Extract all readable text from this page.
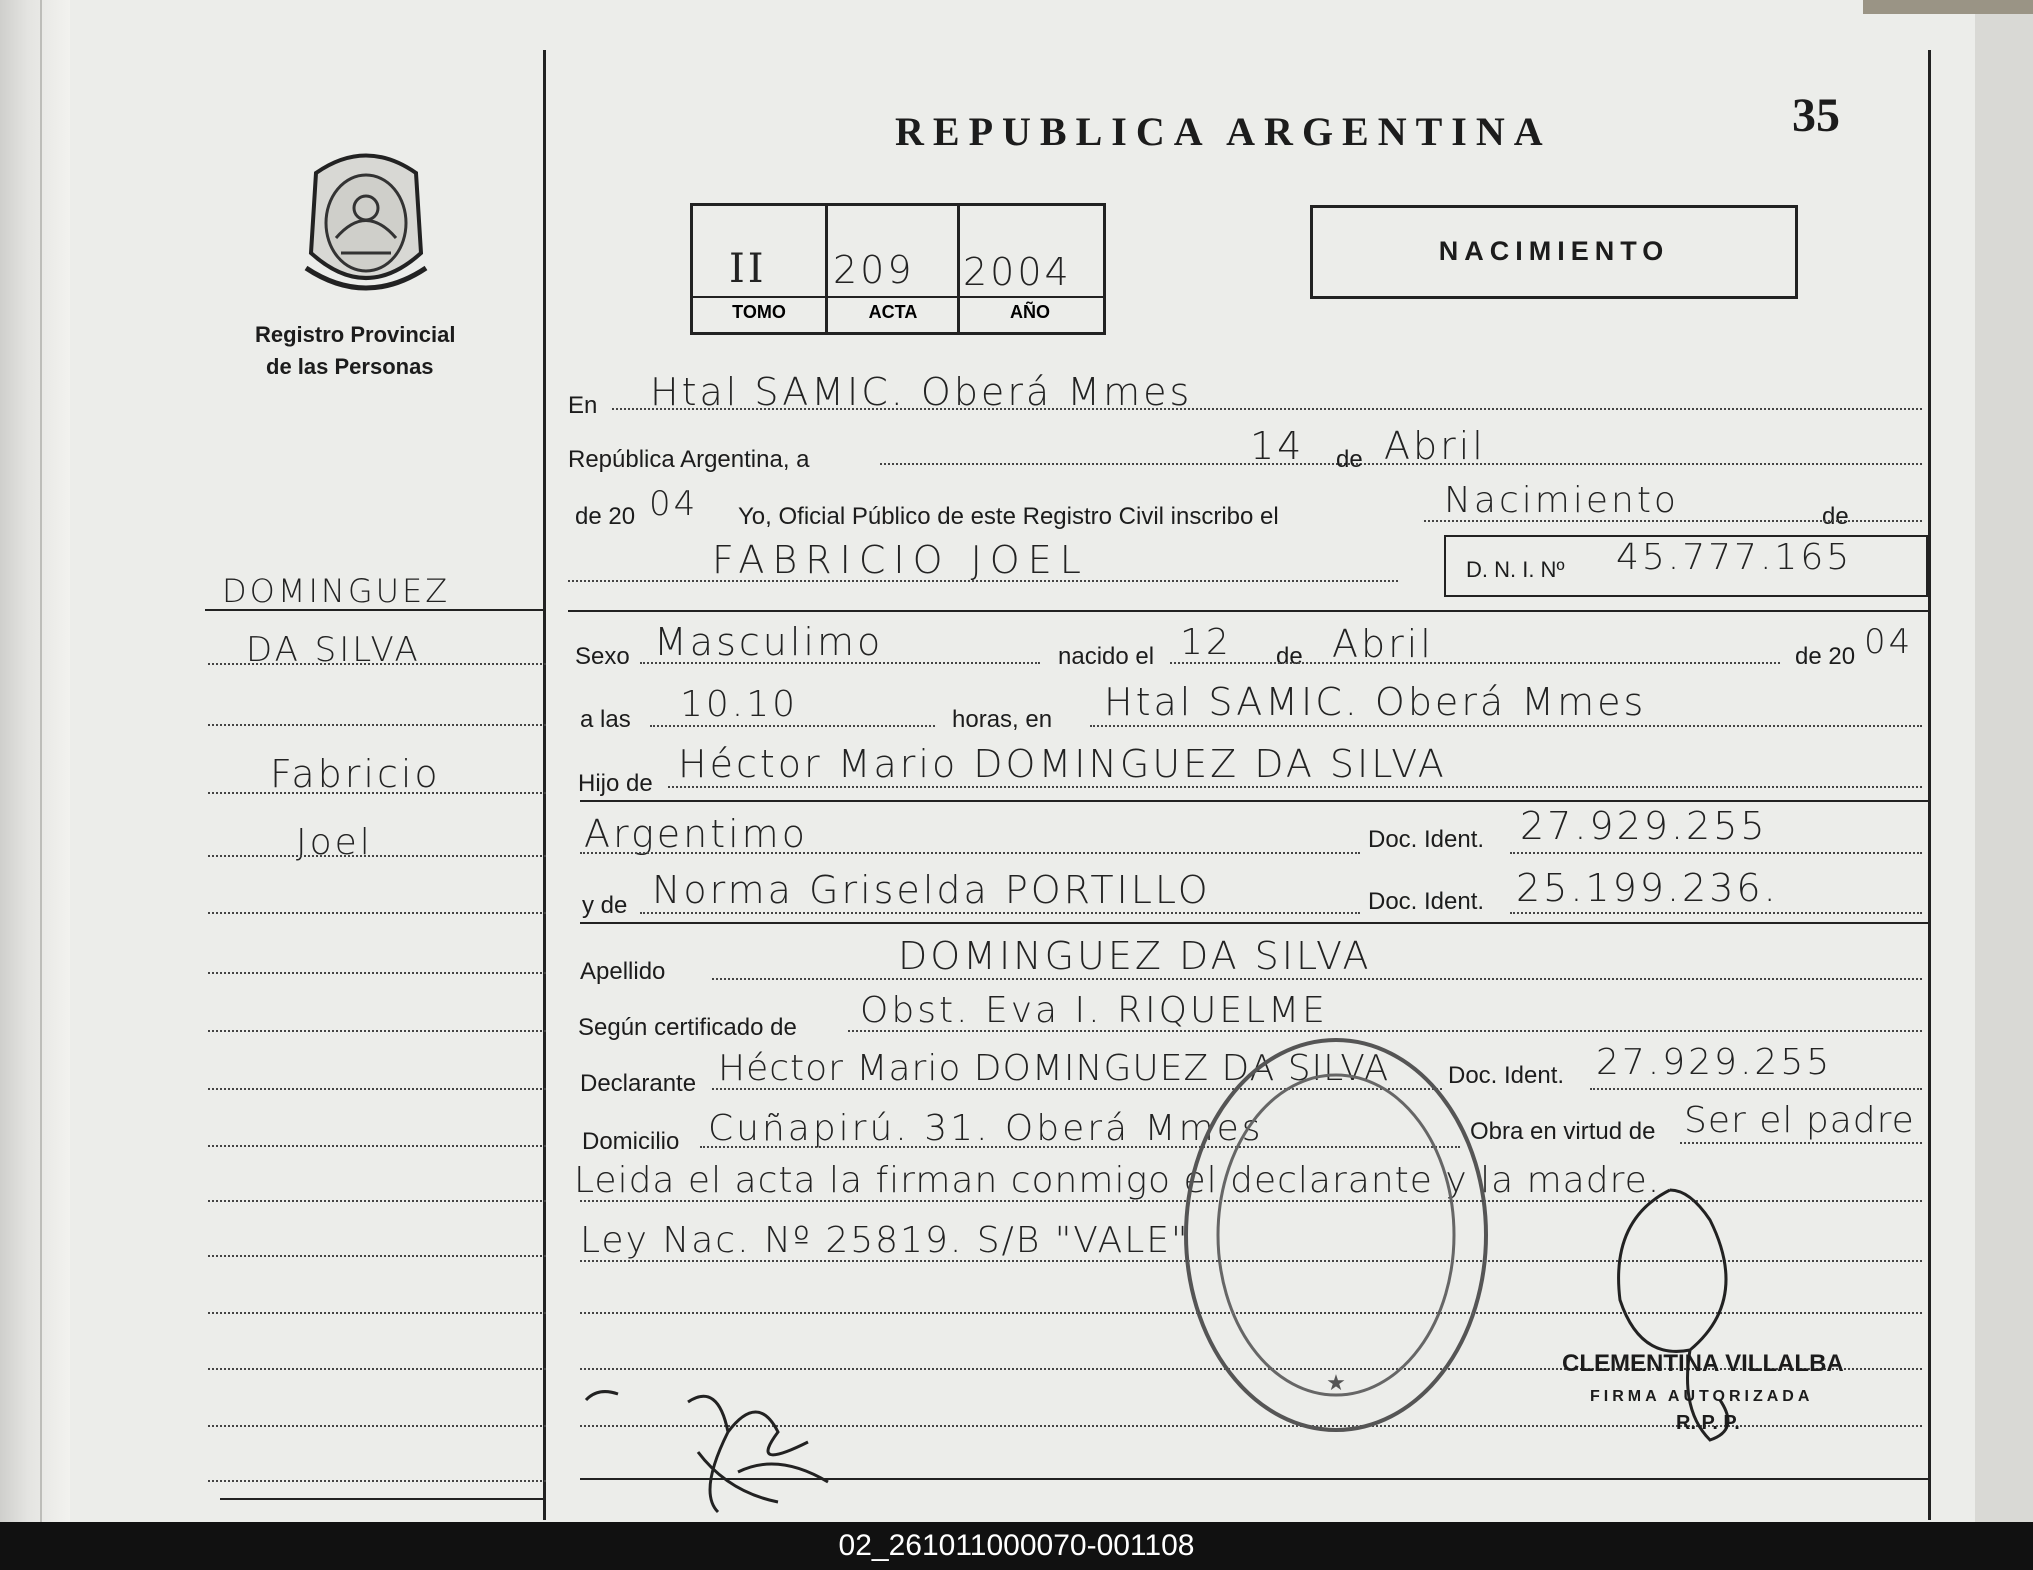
Registro Provincial
de las Personas
REPUBLICA ARGENTINA	35
II 209 2004
TOMO	ACTA	AÑO
NACIMIENTO
DOMINGUEZ
DA SILVA
Fabricio
Joel
En Htal SAMIC. Oberá Mmes
República Argentina, a	14 de Abril
de 20 04 Yo, Oficial Público de este Registro Civil inscribo el	Nacimiento	de
FABRICIO JOEL	D. N. I. Nº 45.777.165
Sexo Masculimo	nacido el 12 de Abril	de 20 04
a las 10.10	horas, en Htal SAMIC. Oberá Mmes
Hijo de Héctor Mario DOMINGUEZ DA SILVA
Argentimo	Doc. Ident. 27.929.255
y de Norma Griselda PORTILLO	Doc. Ident. 25.199.236.
Apellido	DOMINGUEZ DA SILVA
Según certificado de Obst. Eva I. RIQUELME
Declarante Héctor Mario DOMINGUEZ DA SILVA Doc. Ident. 27.929.255
Domicilio Cuñapirú. 31. Oberá Mmes	Obra en virtud de Ser el padre
Leida el acta la firman conmigo el declarante y la madre.
Ley Nac. Nº 25819. S/B "VALE"
★
CLEMENTINA VILLALBA
FIRMA AUTORIZADA
R. P. P.
02_261011000070-001108
